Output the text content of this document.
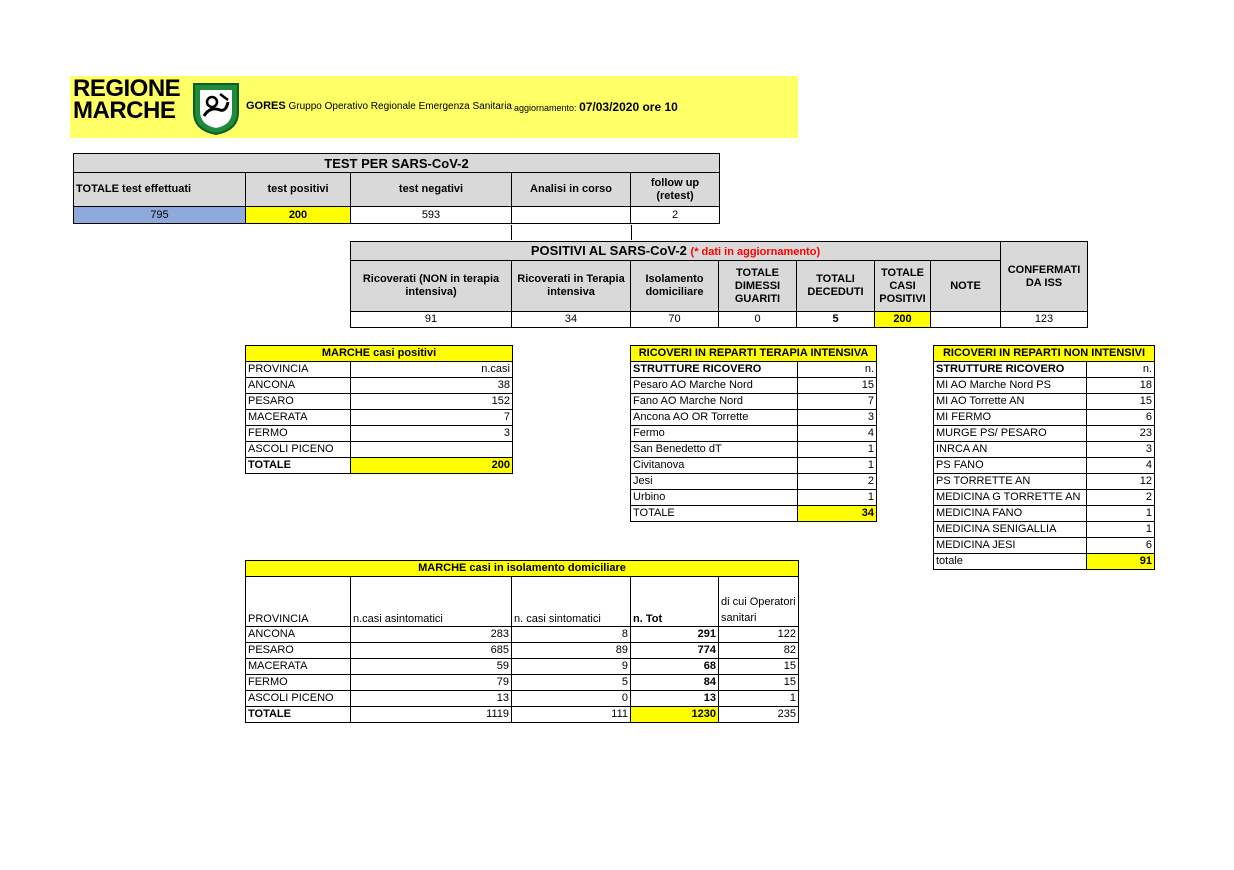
REGIONE
MARCHE	GORES Gruppo Operativo Regionale Emergenza Sanitaria aggiornamento: 07/03/2020 ore 10
TEST PER SARS-CoV-2				
TOTALE test effettuati	test positivi	test negativi	Analisi in corso	follow up (retest)
795	200	593		2
POSITIVI AL SARS-CoV-2 (* dati in aggiornamento)							CONFERMATI DA ISS
Ricoverati (NON in terapia intensiva)	Ricoverati in Terapia intensiva	Isolamento domiciliare	TOTALE DIMESSI GUARITI	TOTALI DECEDUTI	TOTALE CASI POSITIVI	NOTE	
91	34	70	0	5	200		123
MARCHE casi positivi	
PROVINCIA	n.casi
ANCONA	38
PESARO	152
MACERATA	7
FERMO	3
ASCOLI PICENO	
TOTALE	200
RICOVERI IN REPARTI TERAPIA INTENSIVA	
STRUTTURE RICOVERO	n.
Pesaro AO Marche Nord	15
Fano AO Marche Nord	7
Ancona AO OR Torrette	3
Fermo	4
San Benedetto dT	1
Civitanova	1
Jesi	2
Urbino	1
TOTALE	34
RICOVERI IN REPARTI NON INTENSIVI	
STRUTTURE RICOVERO	n.
MI AO Marche Nord PS	18
MI AO Torrette AN	15
MI FERMO	6
MURGE PS/ PESARO	23
INRCA AN	3
PS FANO	4
PS TORRETTE AN	12
MEDICINA G TORRETTE AN	2
MEDICINA FANO	1
MEDICINA SENIGALLIA	1
MEDICINA JESI	6
totale	91
MARCHE casi in isolamento domiciliare				
PROVINCIA	n.casi asintomatici	n. casi sintomatici	n. Tot	di cui Operatori sanitari
ANCONA	283	8	291	122
PESARO	685	89	774	82
MACERATA	59	9	68	15
FERMO	79	5	84	15
ASCOLI PICENO	13	0	13	1
TOTALE	1119	111	1230	235
